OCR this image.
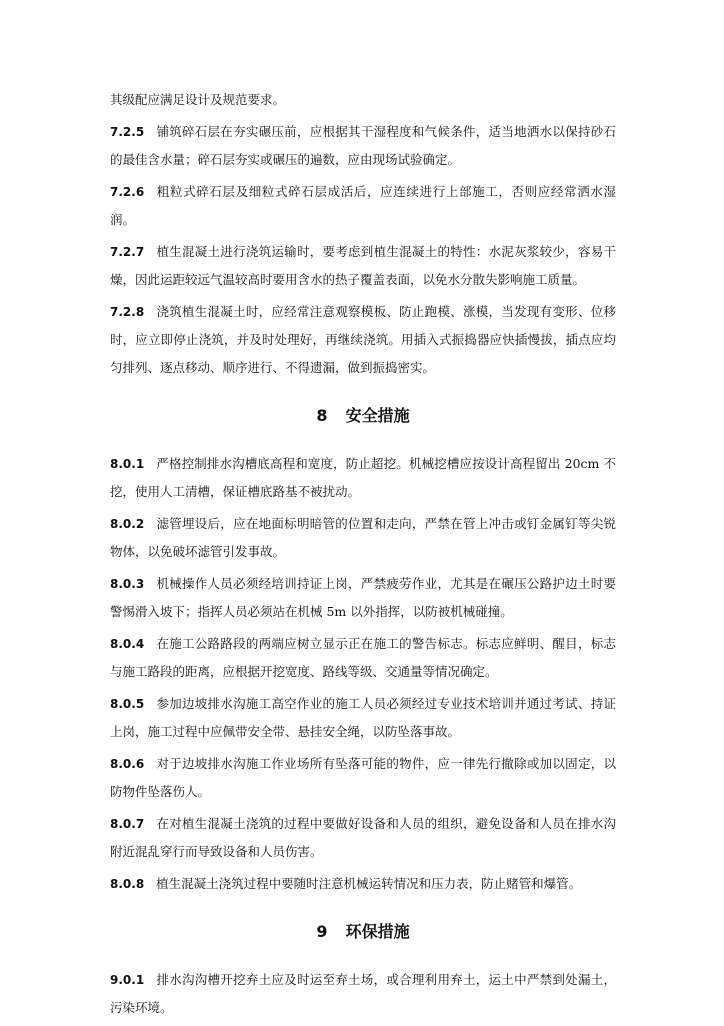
其级配应满足设计及规范要求。

7.2.5 铺筑碎石层在夯实碾压前，应根据其干湿程度和气候条件，适当地洒水以保持砂石的最佳含水量；碎石层夯实或碾压的遍数，应由现场试验确定。

7.2.6 粗粒式碎石层及细粒式碎石层成活后，应连续进行上部施工，否则应经常洒水湿润。

7.2.7 植生混凝土进行浇筑运输时，要考虑到植生混凝土的特性：水泥灰浆较少，容易干燥，因此运距较远气温较高时要用含水的热子覆盖表面，以免水分散失影响施工质量。

7.2.8 浇筑植生混凝土时，应经常注意观察模板、防止跑模、涨模，当发现有变形、位移时，应立即停止浇筑，并及时处理好，再继续浇筑。用插入式振捣器应快插慢拔，插点应均匀排列、逐点移动、顺序进行、不得遗漏，做到振捣密实。

8 安全措施

8.0.1 严格控制排水沟槽底高程和宽度，防止超挖。机械挖槽应按设计高程留出 20cm 不挖，使用人工清槽，保证槽底路基不被扰动。

8.0.2 滤管埋设后，应在地面标明暗管的位置和走向，严禁在管上冲击或钉金属钉等尖锐物体，以免破坏滤管引发事故。

8.0.3 机械操作人员必须经培训持证上岗，严禁疲劳作业，尤其是在碾压公路护边土时要警惕滑入坡下；指挥人员必须站在机械 5m 以外指挥，以防被机械碰撞。

8.0.4 在施工公路路段的两端应树立显示正在施工的警告标志。标志应鲜明、醒目，标志与施工路段的距离，应根据开挖宽度、路线等级、交通量等情况确定。

8.0.5 参加边坡排水沟施工高空作业的施工人员必须经过专业技术培训并通过考试、持证上岗，施工过程中应佩带安全带、悬挂安全绳，以防坠落事故。

8.0.6 对于边坡排水沟施工作业场所有坠落可能的物件，应一律先行撤除或加以固定，以防物件坠落伤人。

8.0.7 在对植生混凝土浇筑的过程中要做好设备和人员的组织，避免设备和人员在排水沟附近混乱穿行而导致设备和人员伤害。

8.0.8 植生混凝土浇筑过程中要随时注意机械运转情况和压力表，防止赌管和爆管。

9 环保措施

9.0.1 排水沟沟槽开挖弃土应及时运至弃土场，或合理利用弃土，运土中严禁到处漏土，污染环境。
